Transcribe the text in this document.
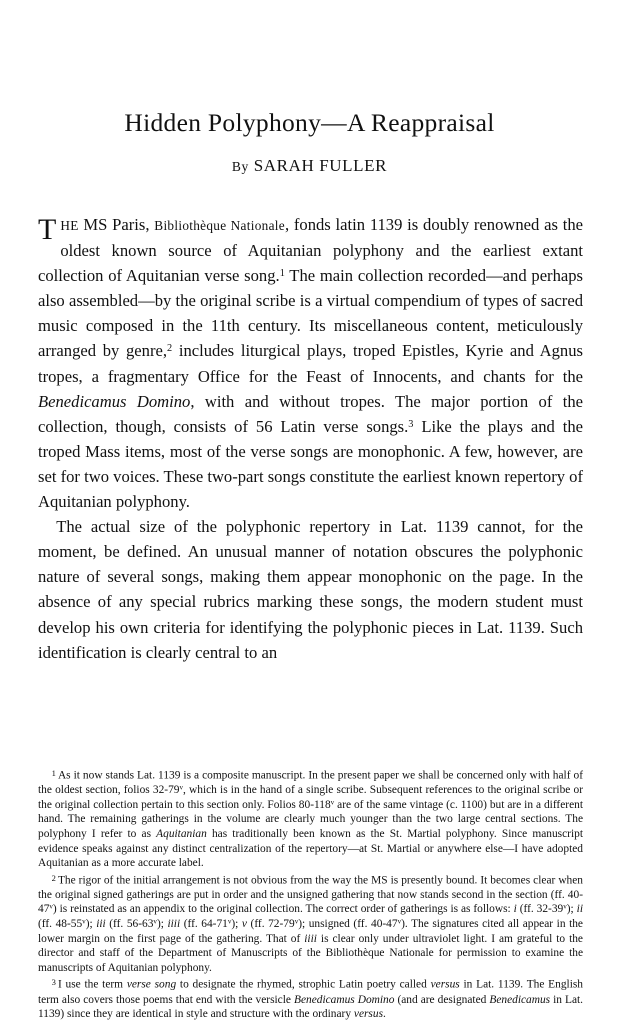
Hidden Polyphony—A Reappraisal
By SARAH FULLER

THE MS Paris, Bibliothèque Nationale, fonds latin 1139 is doubly renowned as the oldest known source of Aquitanian polyphony and the earliest extant collection of Aquitanian verse song.$^1$ The main collection recorded—and perhaps also assembled—by the original scribe is a virtual compendium of types of sacred music composed in the 11th century. Its miscellaneous content, meticulously arranged by genre,$^2$ includes liturgical plays, troped Epistles, Kyrie and Agnus tropes, a fragmentary Office for the Feast of Innocents, and chants for the Benedicamus Domino, with and without tropes. The major portion of the collection, though, consists of 56 Latin verse songs.$^3$ Like the plays and the troped Mass items, most of the verse songs are monophonic. A few, however, are set for two voices. These two-part songs constitute the earliest known repertory of Aquitanian polyphony.

The actual size of the polyphonic repertory in Lat. 1139 cannot, for the moment, be defined. An unusual manner of notation obscures the polyphonic nature of several songs, making them appear monophonic on the page. In the absence of any special rubrics marking these songs, the modern student must develop his own criteria for identifying the polyphonic pieces in Lat. 1139. Such identification is clearly central to an

$^1$ As it now stands Lat. 1139 is a composite manuscript. In the present paper we shall be concerned only with half of the oldest section, folios 32-79$^v$, which is in the hand of a single scribe. Subsequent references to the original scribe or the original collection pertain to this section only. Folios 80-118$^v$ are of the same vintage (c. 1100) but are in a different hand. The remaining gatherings in the volume are clearly much younger than the two large central sections. The polyphony I refer to as Aquitanian has traditionally been known as the St. Martial polyphony. Since manuscript evidence speaks against any distinct centralization of the repertory—at St. Martial or anywhere else—I have adopted Aquitanian as a more accurate label.

$^2$ The rigor of the initial arrangement is not obvious from the way the MS is presently bound. It becomes clear when the original signed gatherings are put in order and the unsigned gathering that now stands second in the section (ff. 40-47$^v$) is reinstated as an appendix to the original collection. The correct order of gatherings is as follows: i (ff. 32-39$^v$); ii (ff. 48-55$^v$); iii (ff. 56-63$^v$); iiii (ff. 64-71$^v$); v (ff. 72-79$^v$); unsigned (ff. 40-47$^v$). The signatures cited all appear in the lower margin on the first page of the gathering. That of iiii is clear only under ultraviolet light. I am grateful to the director and staff of the Department of Manuscripts of the Bibliothèque Nationale for permission to examine the manuscripts of Aquitanian polyphony.

$^3$ I use the term verse song to designate the rhymed, strophic Latin poetry called versus in Lat. 1139. The English term also covers those poems that end with the versicle Benedicamus Domino (and are designated Benedicamus in Lat. 1139) since they are identical in style and structure with the ordinary versus.
